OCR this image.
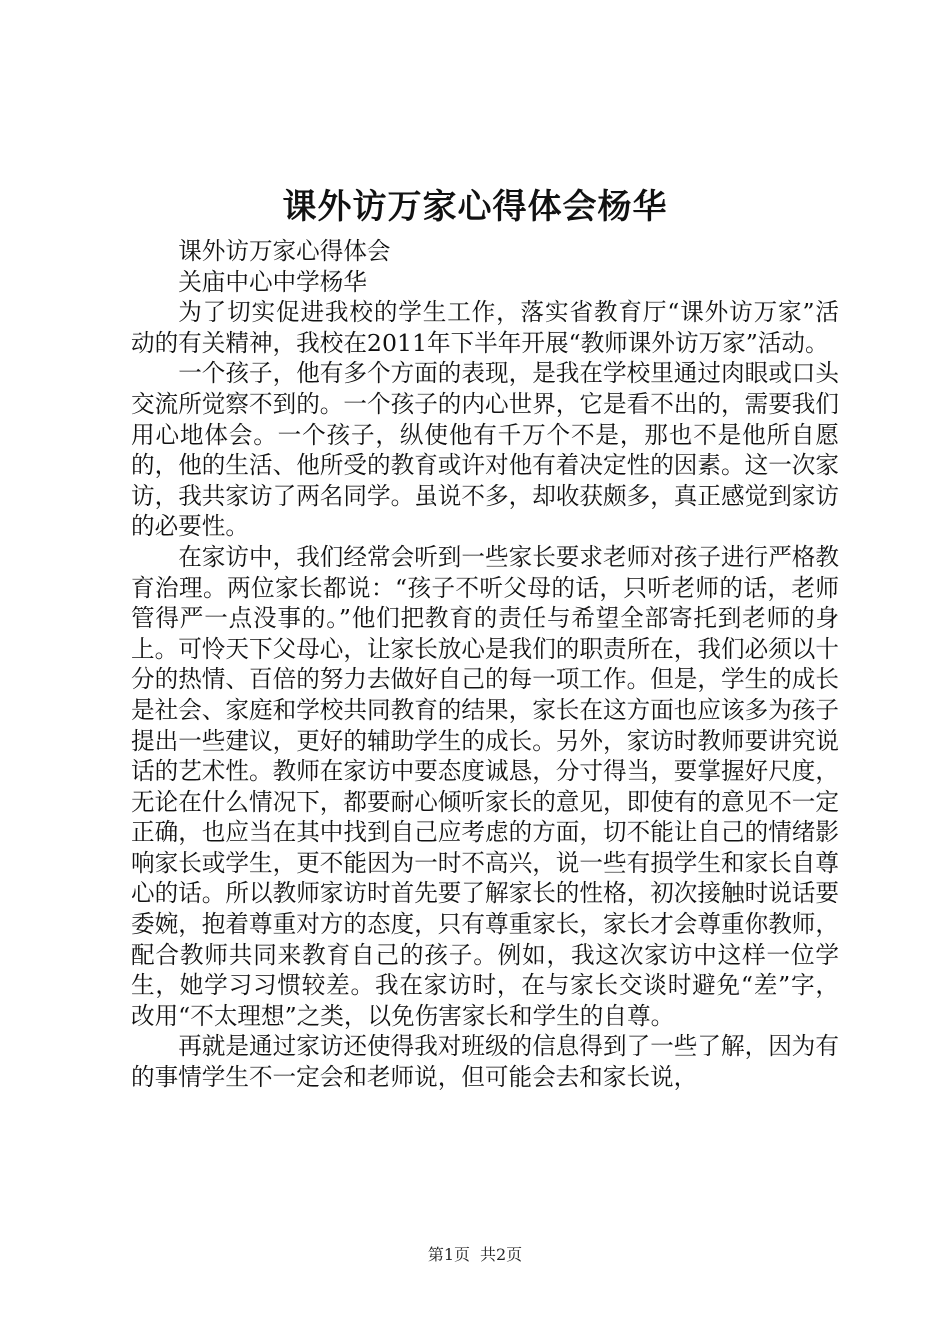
课外访万家心得体会杨华

课外访万家心得体会

关庙中心中学杨华

为了切实促进我校的学生工作，落实省教育厅“课外访万家”活动的有关精神，我校在2011年下半年开展“教师课外访万家”活动。

一个孩子，他有多个方面的表现，是我在学校里通过肉眼或口头交流所觉察不到的。一个孩子的内心世界，它是看不出的，需要我们用心地体会。一个孩子，纵使他有千万个不是，那也不是他所自愿的，他的生活、他所受的教育或许对他有着决定性的因素。这一次家访，我共家访了两名同学。虽说不多，却收获颇多，真正感觉到家访的必要性。

在家访中，我们经常会听到一些家长要求老师对孩子进行严格教育治理。两位家长都说：“孩子不听父母的话，只听老师的话，老师管得严一点没事的。”他们把教育的责任与希望全部寄托到老师的身上。可怜天下父母心，让家长放心是我们的职责所在，我们必须以十分的热情、百倍的努力去做好自己的每一项工作。但是，学生的成长是社会、家庭和学校共同教育的结果，家长在这方面也应该多为孩子提出一些建议，更好的辅助学生的成长。另外，家访时教师要讲究说话的艺术性。教师在家访中要态度诚恳，分寸得当，要掌握好尺度，无论在什么情况下，都要耐心倾听家长的意见，即使有的意见不一定正确，也应当在其中找到自己应考虑的方面，切不能让自己的情绪影响家长或学生，更不能因为一时不高兴，说一些有损学生和家长自尊心的话。所以教师家访时首先要了解家长的性格，初次接触时说话要委婉，抱着尊重对方的态度，只有尊重家长，家长才会尊重你教师，配合教师共同来教育自己的孩子。例如，我这次家访中这样一位学生，她学习习惯较差。我在家访时，在与家长交谈时避免“差”字，改用“不太理想”之类，以免伤害家长和学生的自尊。

再就是通过家访还使得我对班级的信息得到了一些了解，因为有的事情学生不一定会和老师说，但可能会去和家长说，

第1页 共2页
